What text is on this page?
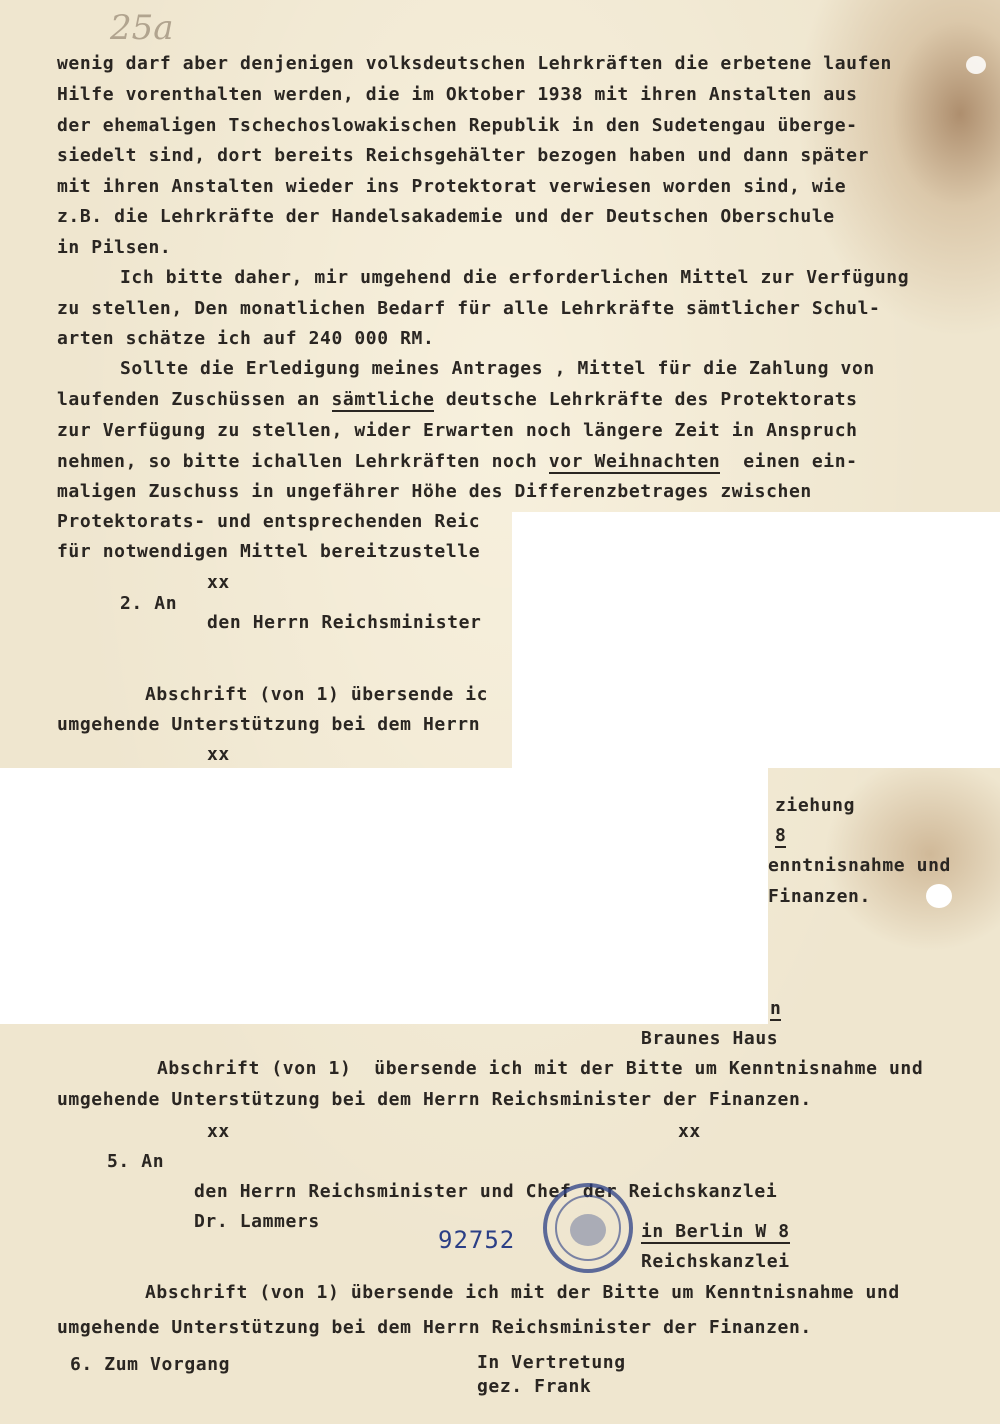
25a
wenig darf aber denjenigen volksdeutschen Lehrkräften die erbetene laufen
Hilfe vorenthalten werden, die im Oktober 1938 mit ihren Anstalten aus
der ehemaligen Tschechoslowakischen Republik in den Sudetengau überge-
siedelt sind, dort bereits Reichsgehälter bezogen haben und dann später
mit ihren Anstalten wieder ins Protektorat verwiesen worden sind, wie
z.B. die Lehrkräfte der Handelsakademie und der Deutschen Oberschule
in Pilsen.
Ich bitte daher, mir umgehend die erforderlichen Mittel zur Verfügung
zu stellen, Den monatlichen Bedarf für alle Lehrkräfte sämtlicher Schul-
arten schätze ich auf 240 000 RM.
Sollte die Erledigung meines Antrages , Mittel für die Zahlung von
laufenden Zuschüssen an sämtliche deutsche Lehrkräfte des Protektorats
zur Verfügung zu stellen, wider Erwarten noch längere Zeit in Anspruch
nehmen, so bitte ichallen Lehrkräften noch vor Weihnachten  einen ein-
maligen Zuschuss in ungefährer Höhe des Differenzbetrages zwischen
Protektorats- und entsprechenden Reic
für notwendigen Mittel bereitzustelle
xx
2. An
den Herrn Reichsminister
Abschrift (von 1) übersende ic
umgehende Unterstützung bei dem Herrn
xx
ziehung
8
enntnisnahme und
Finanzen.
n
Braunes Haus
Abschrift (von 1)  übersende ich mit der Bitte um Kenntnisnahme und
umgehende Unterstützung bei dem Herrn Reichsminister der Finanzen.
xx	xx
5. An
den Herrn Reichsminister und Chef der Reichskanzlei
Dr. Lammers	in Berlin W 8
Reichskanzlei
Abschrift (von 1) übersende ich mit der Bitte um Kenntnisnahme und
umgehende Unterstützung bei dem Herrn Reichsminister der Finanzen.
6. Zum Vorgang	In Vertretung
gez. Frank
92752
